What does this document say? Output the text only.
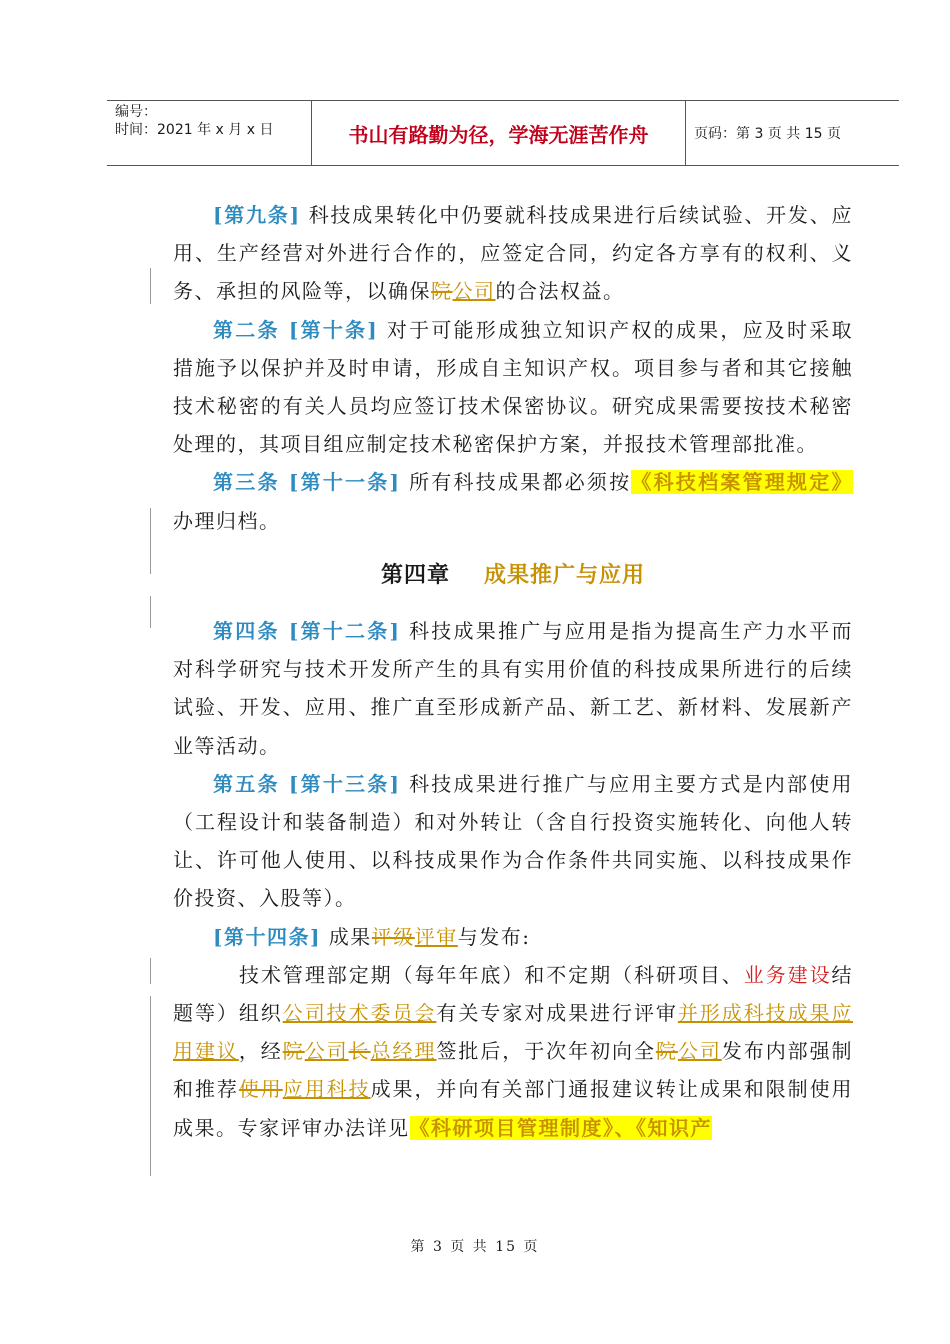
编号：
时间：2021 年 x 月 x 日	书山有路勤为径，学海无涯苦作舟	页码：第 3 页 共 15 页

[第九条] 科技成果转化中仍要就科技成果进行后续试验、开发、应用、生产经营对外进行合作的，应签定合同，约定各方享有的权利、义务、承担的风险等，以确保院公司的合法权益。

第二条 [第十条] 对于可能形成独立知识产权的成果，应及时采取措施予以保护并及时申请，形成自主知识产权。项目参与者和其它接触技术秘密的有关人员均应签订技术保密协议。研究成果需要按技术秘密处理的，其项目组应制定技术秘密保护方案，并报技术管理部批准。

第三条 [第十一条] 所有科技成果都必须按《科技档案管理规定》办理归档。

第四章 成果推广与应用

第四条 [第十二条] 科技成果推广与应用是指为提高生产力水平而对科学研究与技术开发所产生的具有实用价值的科技成果所进行的后续试验、开发、应用、推广直至形成新产品、新工艺、新材料、发展新产业等活动。

第五条 [第十三条] 科技成果进行推广与应用主要方式是内部使用（工程设计和装备制造）和对外转让（含自行投资实施转化、向他人转让、许可他人使用、以科技成果作为合作条件共同实施、以科技成果作价投资、入股等）。

[第十四条] 成果评级评审与发布:

技术管理部定期（每年年底）和不定期（科研项目、业务建设结题等）组织公司技术委员会有关专家对成果进行评审并形成科技成果应用建议，经院公司长总经理签批后，于次年初向全院公司发布内部强制和推荐使用应用科技成果，并向有关部门通报建议转让成果和限制使用成果。专家评审办法详见《科研项目管理制度》、《知识产

第 3 页 共 15 页
